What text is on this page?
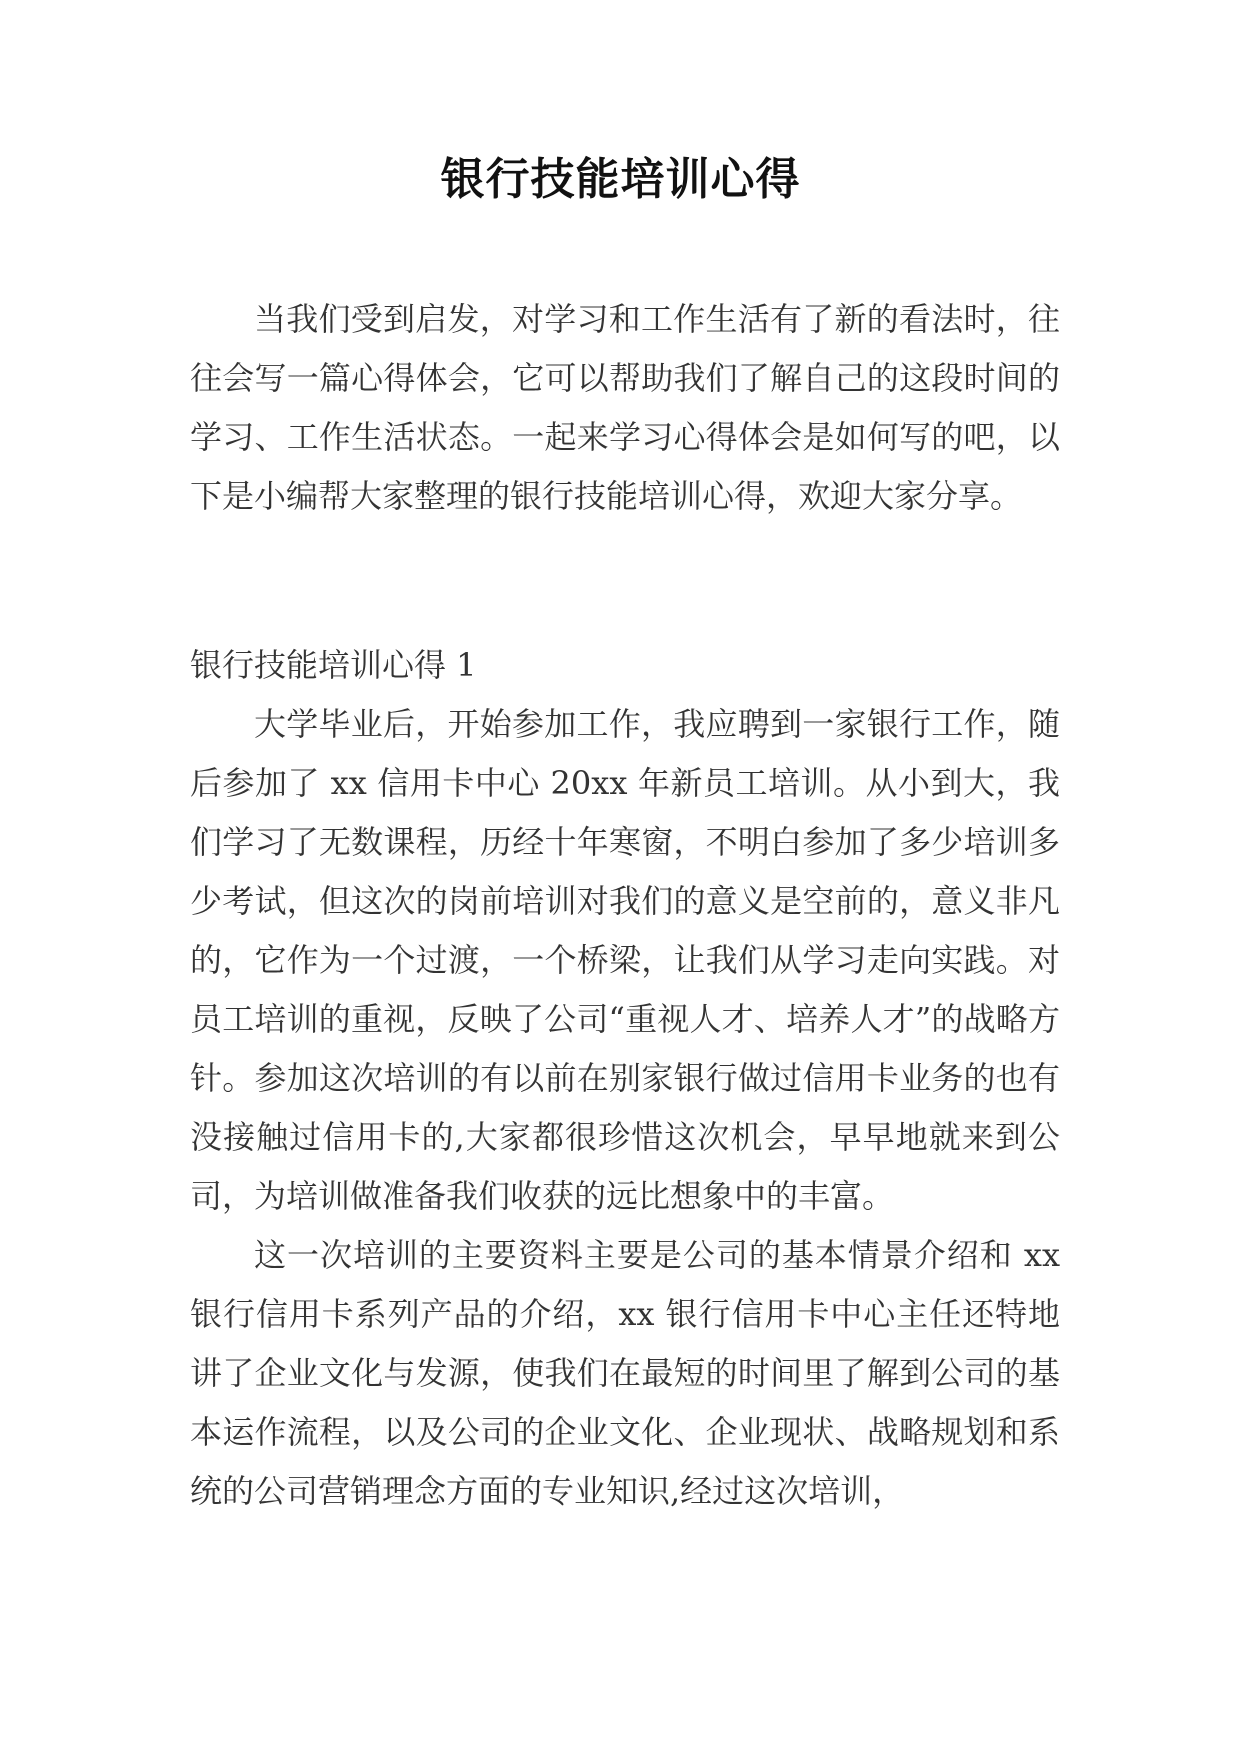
银行技能培训心得

当我们受到启发，对学习和工作生活有了新的看法时，往往会写一篇心得体会，它可以帮助我们了解自己的这段时间的学习、工作生活状态。一起来学习心得体会是如何写的吧，以下是小编帮大家整理的银行技能培训心得，欢迎大家分享。

银行技能培训心得 1

大学毕业后，开始参加工作，我应聘到一家银行工作，随后参加了 xx 信用卡中心 20xx 年新员工培训。从小到大，我们学习了无数课程，历经十年寒窗，不明白参加了多少培训多少考试，但这次的岗前培训对我们的意义是空前的，意义非凡的，它作为一个过渡，一个桥梁，让我们从学习走向实践。对员工培训的重视，反映了公司“重视人才、培养人才”的战略方针。参加这次培训的有以前在别家银行做过信用卡业务的也有没接触过信用卡的,大家都很珍惜这次机会，早早地就来到公司，为培训做准备我们收获的远比想象中的丰富。

这一次培训的主要资料主要是公司的基本情景介绍和 xx 银行信用卡系列产品的介绍，xx 银行信用卡中心主任还特地讲了企业文化与发源，使我们在最短的时间里了解到公司的基本运作流程，以及公司的企业文化、企业现状、战略规划和系统的公司营销理念方面的专业知识,经过这次培训，
